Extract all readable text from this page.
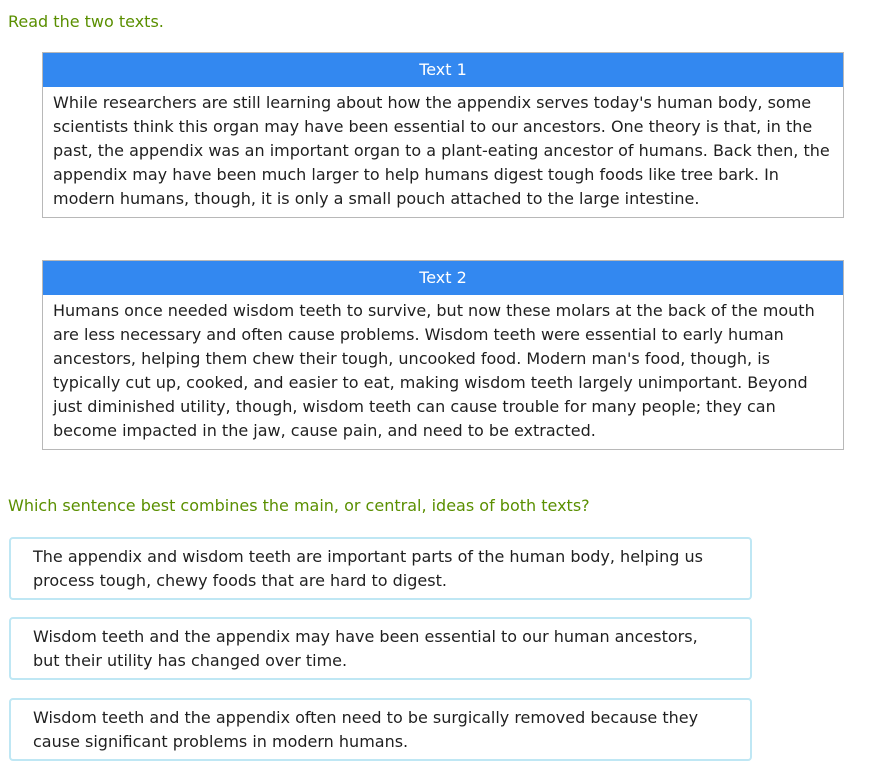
Read the two texts.

Text 1
While researchers are still learning about how the appendix serves today's human body, some scientists think this organ may have been essential to our ancestors. One theory is that, in the past, the appendix was an important organ to a plant-eating ancestor of humans. Back then, the appendix may have been much larger to help humans digest tough foods like tree bark. In modern humans, though, it is only a small pouch attached to the large intestine.
Text 2
Humans once needed wisdom teeth to survive, but now these molars at the back of the mouth are less necessary and often cause problems. Wisdom teeth were essential to early human ancestors, helping them chew their tough, uncooked food. Modern man's food, though, is typically cut up, cooked, and easier to eat, making wisdom teeth largely unimportant. Beyond just diminished utility, though, wisdom teeth can cause trouble for many people; they can become impacted in the jaw, cause pain, and need to be extracted.

Which sentence best combines the main, or central, ideas of both texts?

The appendix and wisdom teeth are important parts of the human body, helping us process tough, chewy foods that are hard to digest.
Wisdom teeth and the appendix may have been essential to our human ancestors, but their utility has changed over time.
Wisdom teeth and the appendix often need to be surgically removed because they cause significant problems in modern humans.
